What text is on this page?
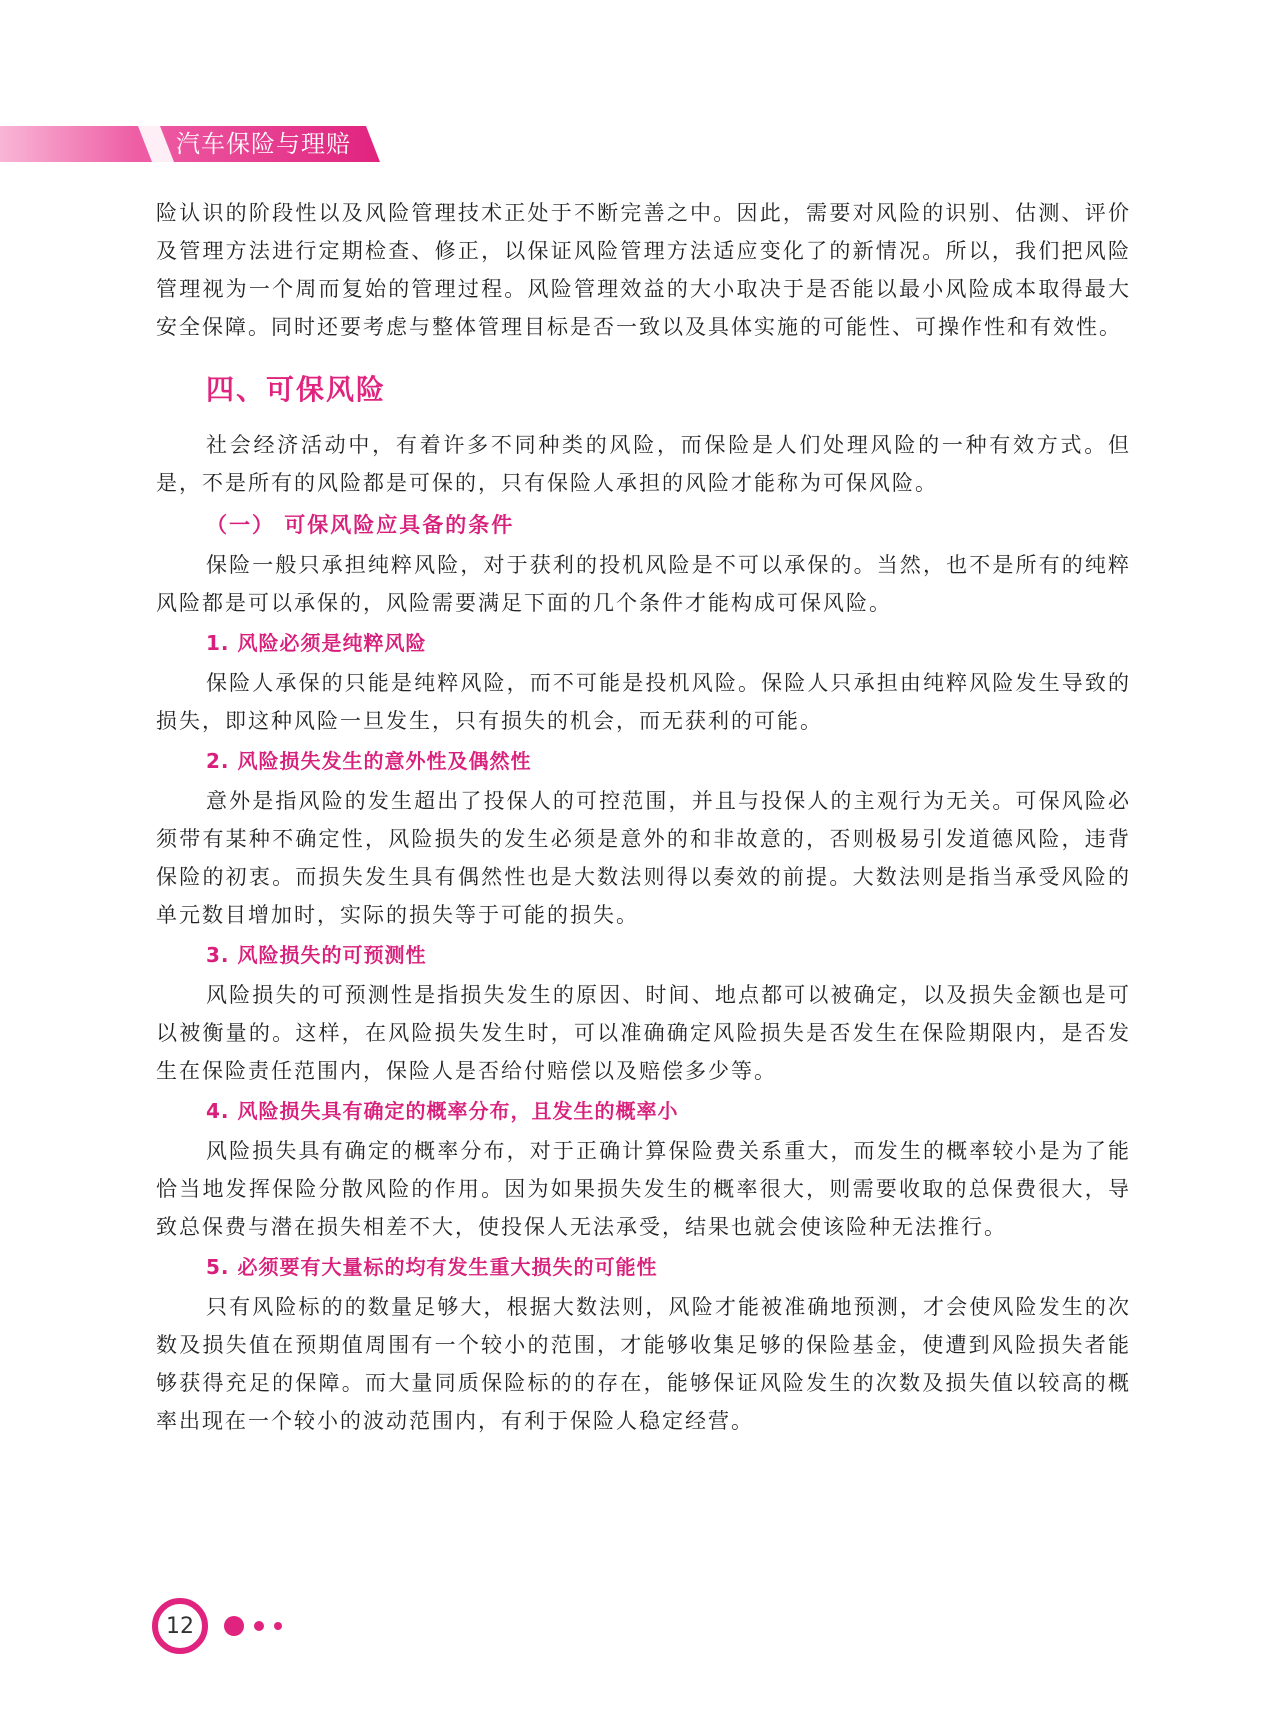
汽车保险与理赔

险认识的阶段性以及风险管理技术正处于不断完善之中。因此，需要对风险的识别、估测、评价及管理方法进行定期检查、修正，以保证风险管理方法适应变化了的新情况。所以，我们把风险管理视为一个周而复始的管理过程。风险管理效益的大小取决于是否能以最小风险成本取得最大安全保障。同时还要考虑与整体管理目标是否一致以及具体实施的可能性、可操作性和有效性。

四、可保风险

社会经济活动中，有着许多不同种类的风险，而保险是人们处理风险的一种有效方式。但是，不是所有的风险都是可保的，只有保险人承担的风险才能称为可保风险。

（一） 可保风险应具备的条件

保险一般只承担纯粹风险，对于获利的投机风险是不可以承保的。当然，也不是所有的纯粹风险都是可以承保的，风险需要满足下面的几个条件才能构成可保风险。

1. 风险必须是纯粹风险

保险人承保的只能是纯粹风险，而不可能是投机风险。保险人只承担由纯粹风险发生导致的损失，即这种风险一旦发生，只有损失的机会，而无获利的可能。

2. 风险损失发生的意外性及偶然性

意外是指风险的发生超出了投保人的可控范围，并且与投保人的主观行为无关。可保风险必须带有某种不确定性，风险损失的发生必须是意外的和非故意的，否则极易引发道德风险，违背保险的初衷。而损失发生具有偶然性也是大数法则得以奏效的前提。大数法则是指当承受风险的单元数目增加时，实际的损失等于可能的损失。

3. 风险损失的可预测性

风险损失的可预测性是指损失发生的原因、时间、地点都可以被确定，以及损失金额也是可以被衡量的。这样，在风险损失发生时，可以准确确定风险损失是否发生在保险期限内，是否发生在保险责任范围内，保险人是否给付赔偿以及赔偿多少等。

4. 风险损失具有确定的概率分布，且发生的概率小

风险损失具有确定的概率分布，对于正确计算保险费关系重大，而发生的概率较小是为了能恰当地发挥保险分散风险的作用。因为如果损失发生的概率很大，则需要收取的总保费很大，导致总保费与潜在损失相差不大，使投保人无法承受，结果也就会使该险种无法推行。

5. 必须要有大量标的均有发生重大损失的可能性

只有风险标的的数量足够大，根据大数法则，风险才能被准确地预测，才会使风险发生的次数及损失值在预期值周围有一个较小的范围，才能够收集足够的保险基金，使遭到风险损失者能够获得充足的保障。而大量同质保险标的的存在，能够保证风险发生的次数及损失值以较高的概率出现在一个较小的波动范围内，有利于保险人稳定经营。

12
